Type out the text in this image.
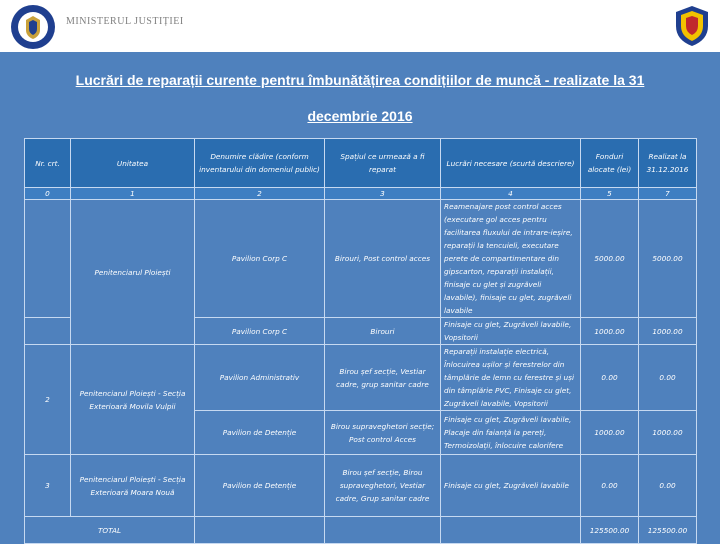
MINISTERUL JUSTIȚIEI
Lucrări de reparații curente pentru îmbunătățirea condițiilor de muncă - realizate la 31
decembrie 2016
Nr. crt.	Unitatea	Denumire clădire (conform inventarului din domeniul public)	Spațiul ce urmează a fi reparat	Lucrări necesare (scurtă descriere)	Fonduri alocate (lei)	Realizat la 31.12.2016
0	1	2	3	4	5	7
	Penitenciarul Ploiești	Pavilion Corp C	Birouri, Post control acces	Reamenajare post control acces (executare gol acces pentru facilitarea fluxului de intrare-ieșire, reparații la tencuieli, executare perete de compartimentare din gipscarton, reparații instalații, finisaje cu glet și zugrăveli lavabile), finisaje cu glet, zugrăveli lavabile	5000.00	5000.00
		Pavilion Corp C	Birouri	Finisaje cu glet, Zugrăveli lavabile, Vopsitorii	1000.00	1000.00
2	Penitenciarul Ploiești - Secția Exterioară Movila Vulpii	Pavilion Administrativ	Birou șef secție, Vestiar cadre, grup sanitar cadre	Reparații instalație electrică, Înlocuirea ușilor și ferestrelor din tâmplărie de lemn cu ferestre și uși din tâmplărie PVC, Finisaje cu glet, Zugrăveli lavabile, Vopsitorii	0.00	0.00
		Pavilion de Detenție	Birou supraveghetori secție; Post control Acces	Finisaje cu glet, Zugrăveli lavabile, Placaje din faianță la pereți, Termoizolații, înlocuire calorifere	1000.00	1000.00
3	Penitenciarul Ploiești - Secția Exterioară Moara Nouă	Pavilion de Detenție	Birou șef secție, Birou supraveghetori, Vestiar cadre, Grup sanitar cadre	Finisaje cu glet, Zugrăveli lavabile	0.00	0.00
TOTAL					125500.00	125500.00
